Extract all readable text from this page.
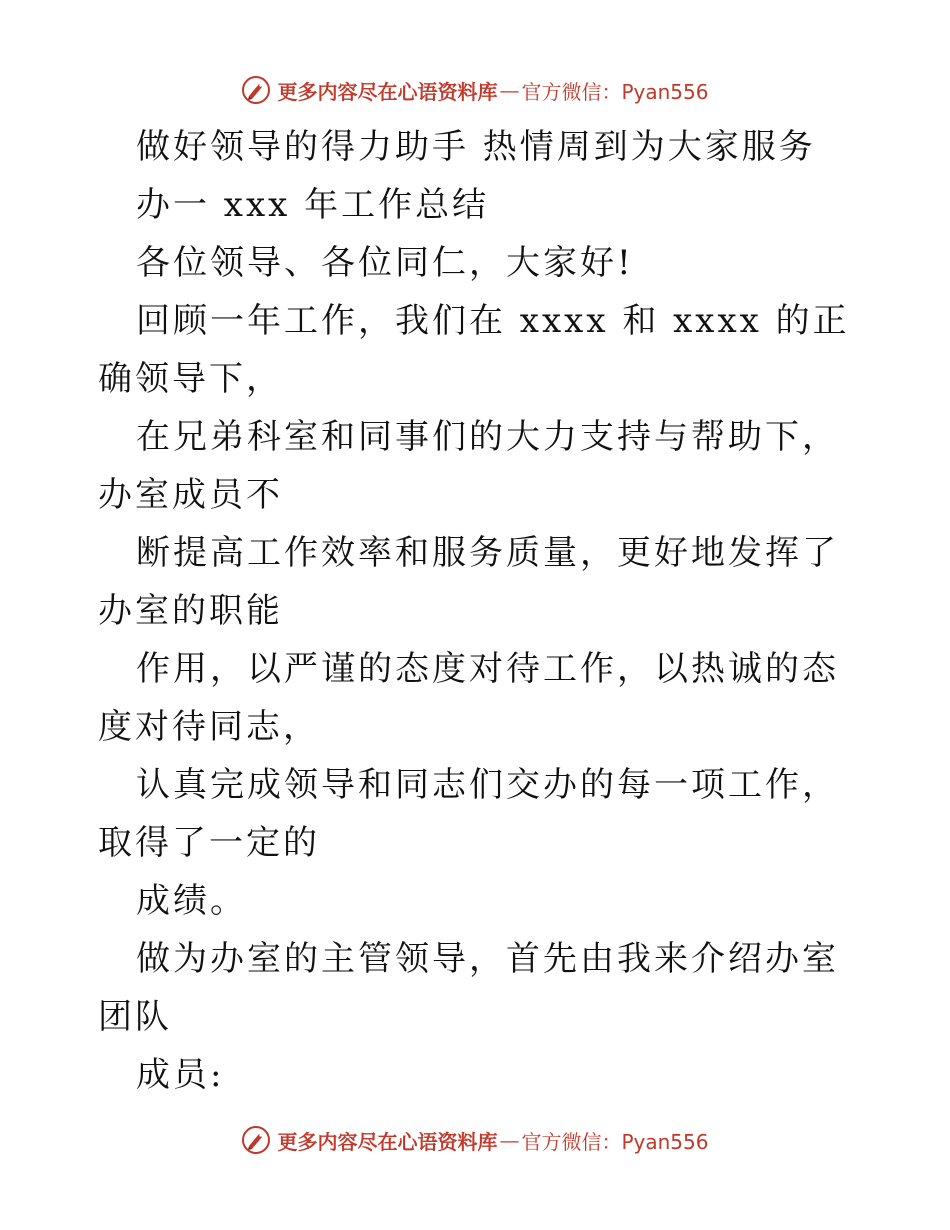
更多内容尽在心语资料库 — 官方微信：Pyan556

做好领导的得力助手 热情周到为大家服务

办一 xxx 年工作总结

各位领导、各位同仁，大家好!

回顾一年工作，我们在 xxxx 和 xxxx 的正确领导下，

在兄弟科室和同事们的大力支持与帮助下，办室成员不

断提高工作效率和服务质量，更好地发挥了办室的职能

作用，以严谨的态度对待工作，以热诚的态度对待同志，

认真完成领导和同志们交办的每一项工作，取得了一定的

成绩。

做为办室的主管领导，首先由我来介绍办室团队

成员:

更多内容尽在心语资料库 — 官方微信：Pyan556
